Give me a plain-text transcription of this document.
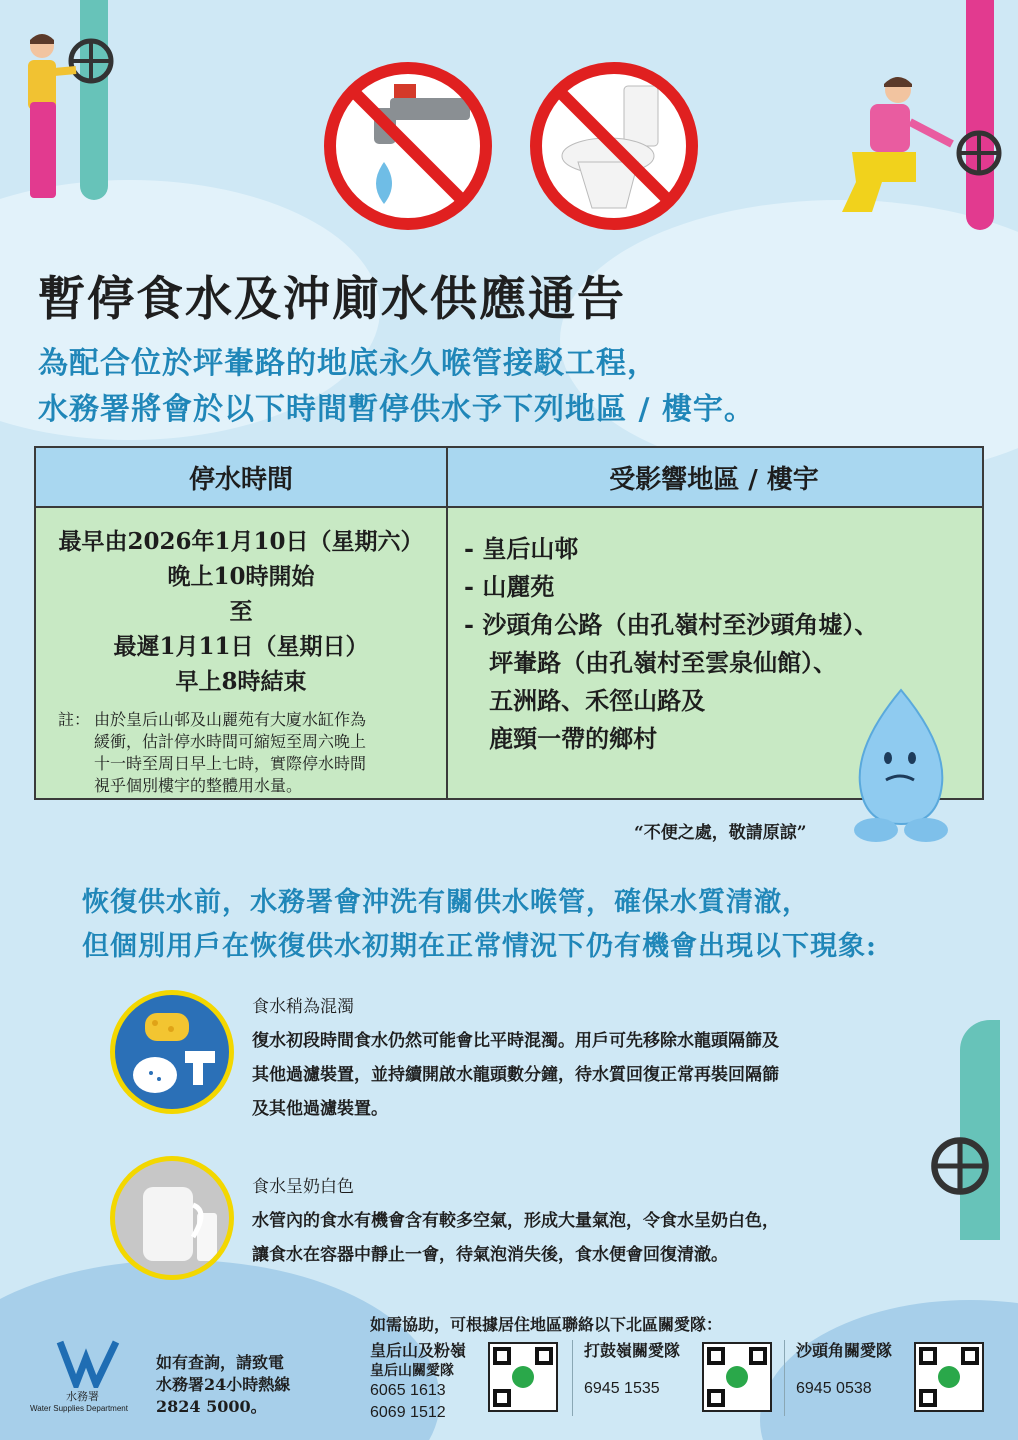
暫停食水及沖廁水供應通告
為配合位於坪輋路的地底永久喉管接駁工程，
水務署將會於以下時間暫停供水予下列地區 / 樓宇。
停水時間	受影響地區 / 樓宇
最早由2026年1月10日（星期六）
晚上10時開始
至
最遲1月11日（星期日）
早上8時結束
註： 由於皇后山邨及山麗苑有大廈水缸作為
緩衝，估計停水時間可縮短至周六晚上
十一時至周日早上七時，實際停水時間
視乎個別樓宇的整體用水量。
- 皇后山邨
- 山麗苑
- 沙頭角公路（由孔嶺村至沙頭角墟）、
坪輋路（由孔嶺村至雲泉仙館）、
五洲路、禾徑山路及
鹿頸一帶的鄉村
“不便之處，敬請原諒”
恢復供水前，水務署會沖洗有關供水喉管，確保水質清澈，
但個別用戶在恢復供水初期在正常情況下仍有機會出現以下現象:
食水稍為混濁
復水初段時間食水仍然可能會比平時混濁。用戶可先移除水龍頭隔篩及
其他過濾裝置，並持續開啟水龍頭數分鐘，待水質回復正常再裝回隔篩
及其他過濾裝置。
食水呈奶白色
水管內的食水有機會含有較多空氣，形成大量氣泡，令食水呈奶白色，
讓食水在容器中靜止一會，待氣泡消失後，食水便會回復清澈。
水務署
Water Supplies Department
如有查詢，請致電
水務署24小時熱線
2824 5000。
如需協助，可根據居住地區聯絡以下北區關愛隊：
皇后山及粉嶺
皇后山關愛隊
6065 1613
6069 1512
打鼓嶺關愛隊
6945 1535
沙頭角關愛隊
6945 0538
